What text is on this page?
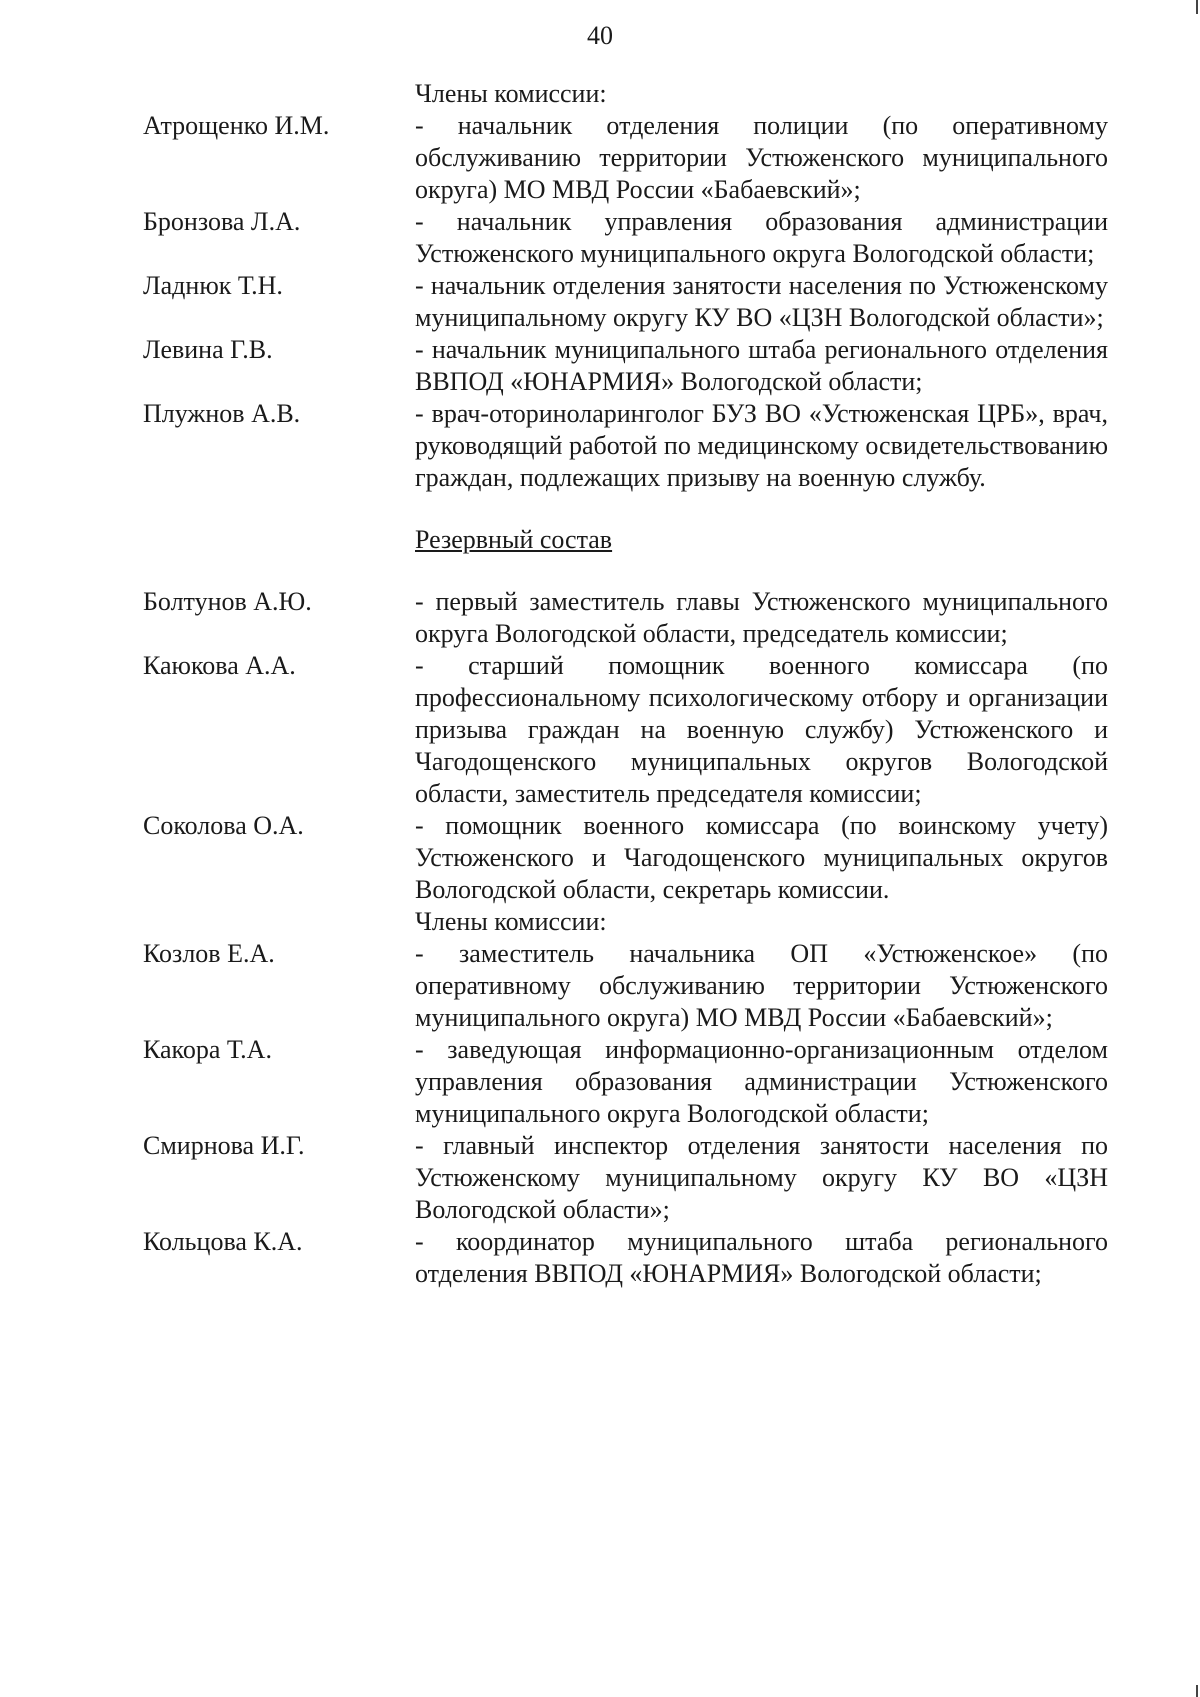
40
Члены комиссии:
Атрощенко И.М.	- начальник отделения полиции (по оперативному обслуживанию территории Устюженского муниципального округа) МО МВД России «Бабаевский»;
Бронзова Л.А.	- начальник управления образования администрации Устюженского муниципального округа Вологодской области;
Ладнюк Т.Н.	- начальник отделения занятости населения по Устюженскому муниципальному округу КУ ВО «ЦЗН Вологодской области»;
Левина Г.В.	- начальник муниципального штаба регионального отделения ВВПОД «ЮНАРМИЯ» Вологодской области;
Плужнов А.В.	- врач-оториноларинголог БУЗ ВО «Устюженская ЦРБ», врач, руководящий работой по медицинскому освидетельствованию граждан, подлежащих призыву на военную службу.
Резервный состав
Болтунов А.Ю.	- первый заместитель главы Устюженского муниципального округа Вологодской области, председатель комиссии;
Каюкова А.А.	- старший помощник военного комиссара (по профессиональному психологическому отбору и организации призыва граждан на военную службу) Устюженского и Чагодощенского муниципальных округов Вологодской области, заместитель председателя комиссии;
Соколова О.А.	- помощник военного комиссара (по воинскому учету) Устюженского и Чагодощенского муниципальных округов Вологодской области, секретарь комиссии.
Члены комиссии:
Козлов Е.А.	- заместитель начальника ОП «Устюженское» (по оперативному обслуживанию территории Устюженского муниципального округа) МО МВД России «Бабаевский»;
Какора Т.А.	- заведующая информационно-организационным отделом управления образования администрации Устюженского муниципального округа Вологодской области;
Смирнова И.Г.	- главный инспектор отделения занятости населения по Устюженскому муниципальному округу КУ ВО «ЦЗН Вологодской области»;
Кольцова К.А.	- координатор муниципального штаба регионального отделения ВВПОД «ЮНАРМИЯ» Вологодской области;
